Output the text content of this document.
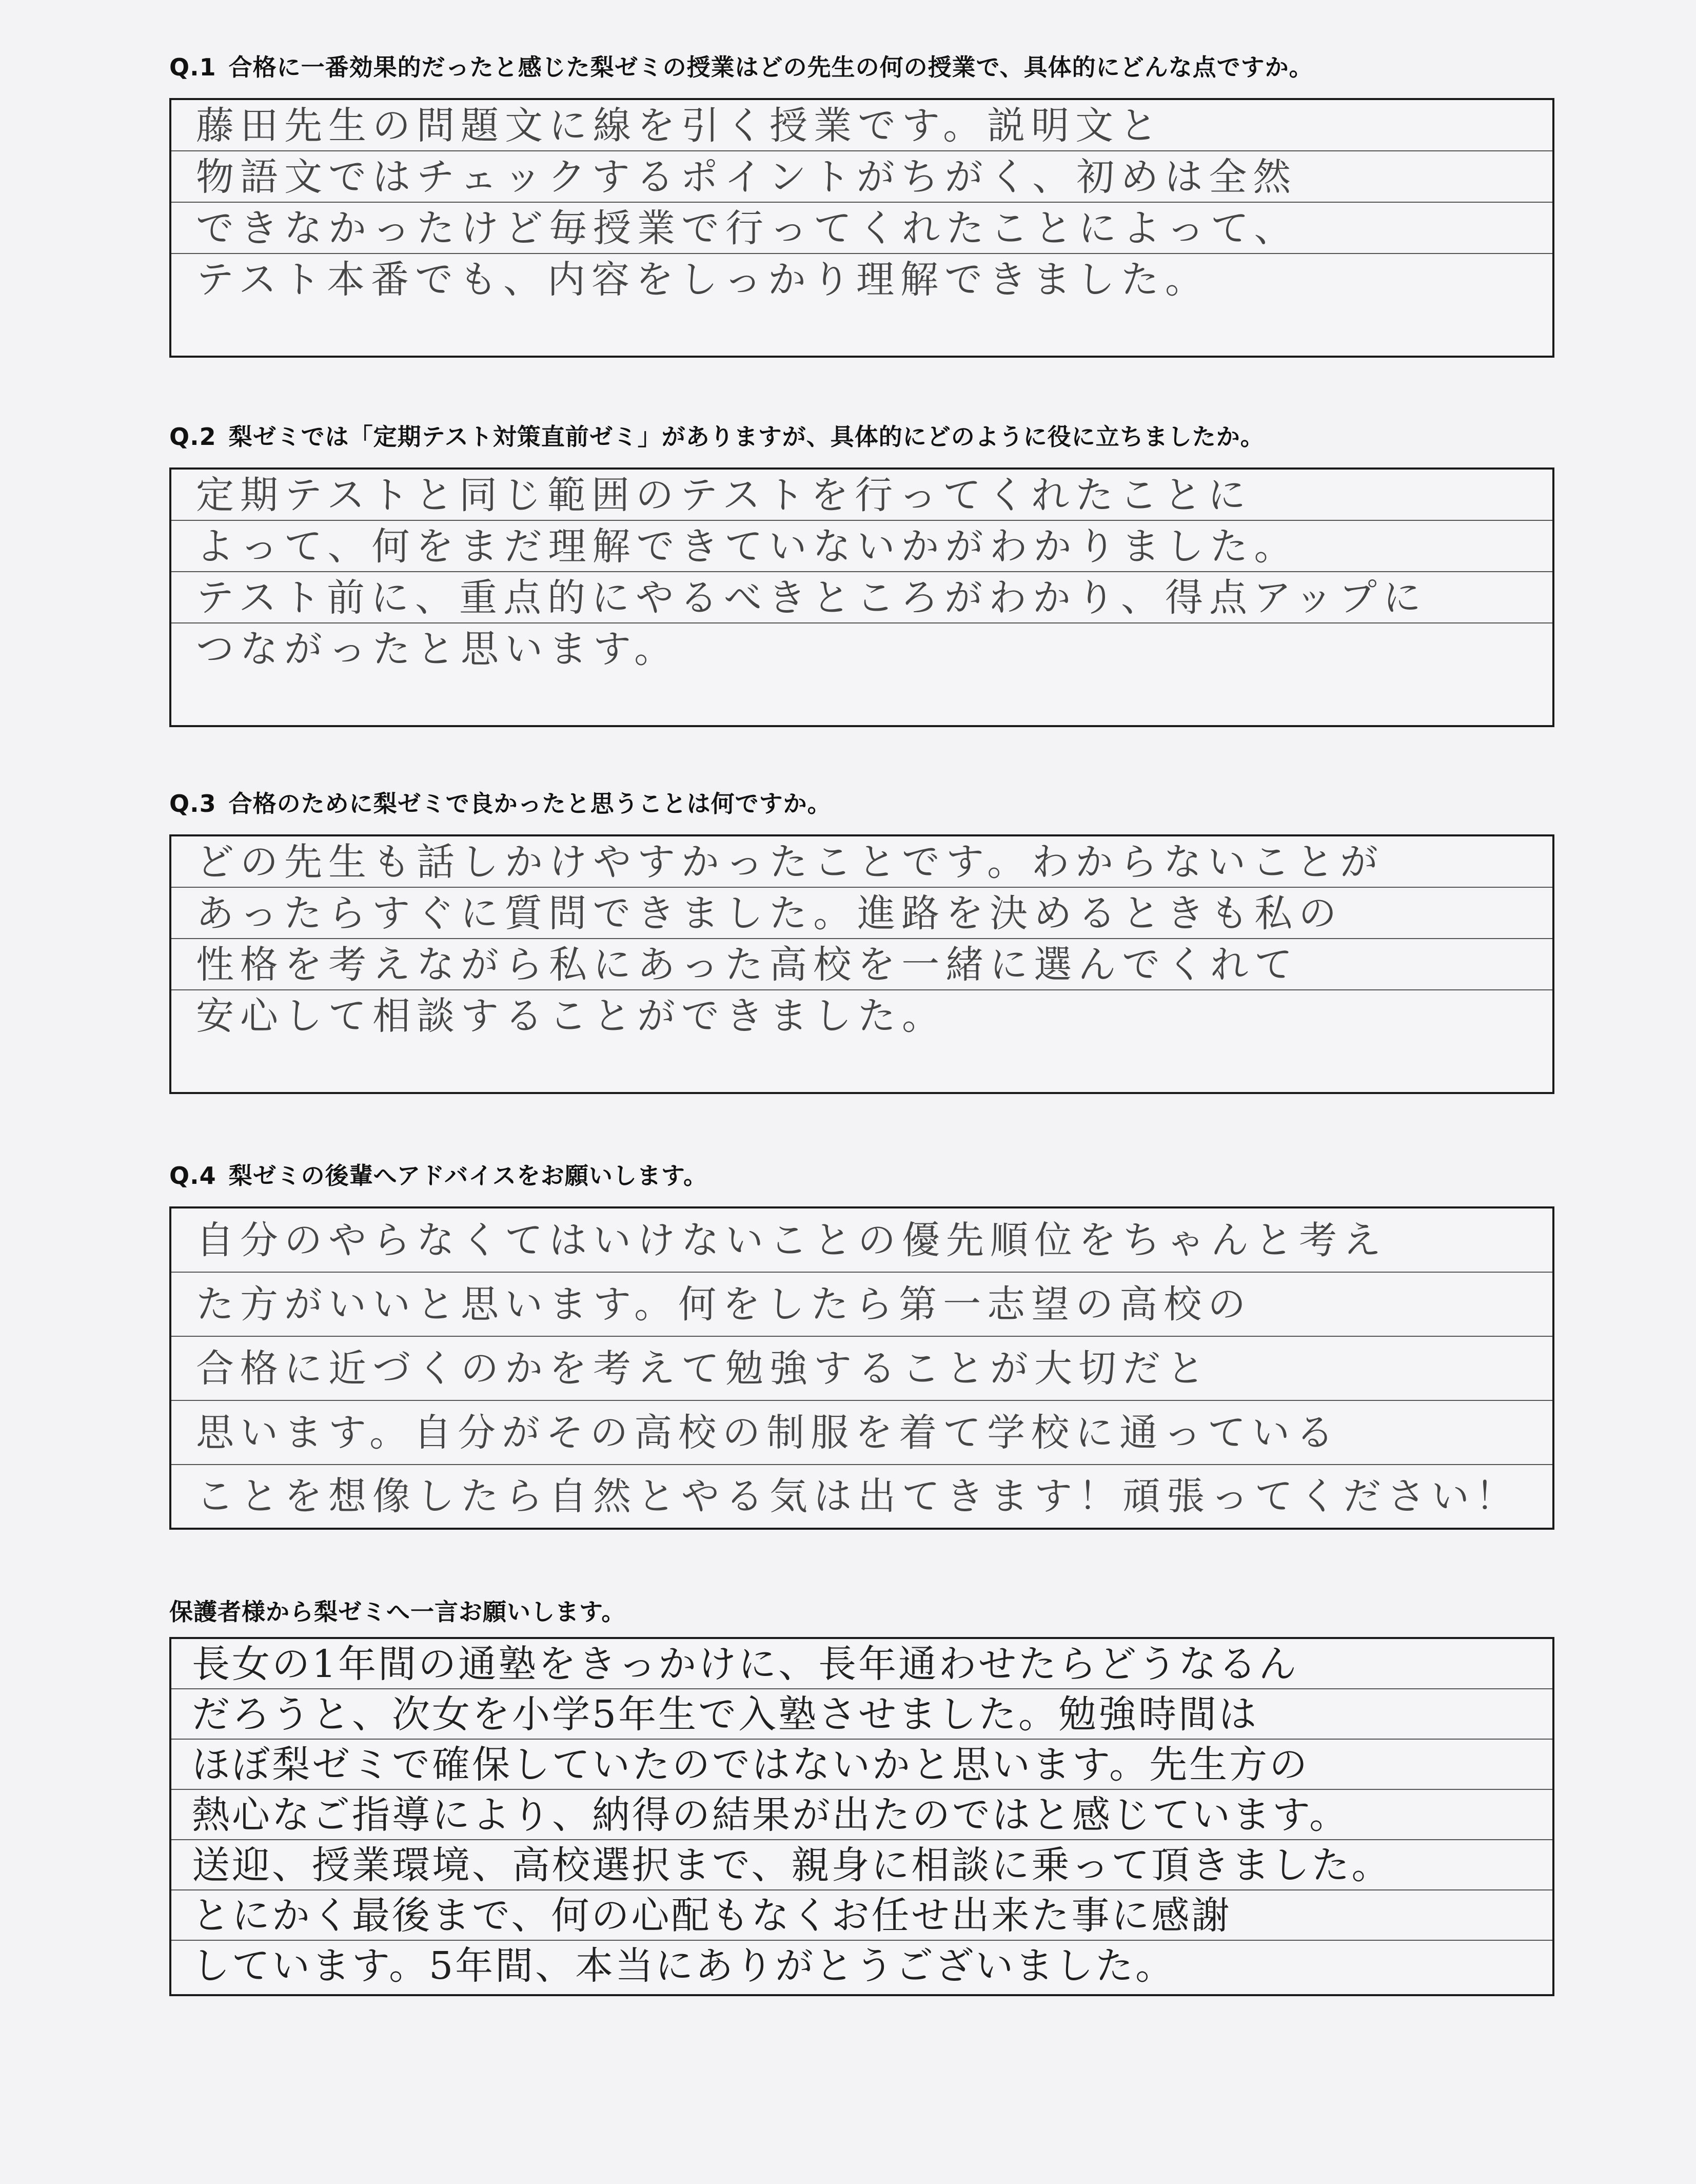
Q.1 合格に一番効果的だったと感じた梨ゼミの授業はどの先生の何の授業で、具体的にどんな点ですか。
藤田先生の問題文に線を引く授業です。説明文と
物語文ではチェックするポイントがちがく、初めは全然
できなかったけど毎授業で行ってくれたことによって、
テスト本番でも、内容をしっかり理解できました。
Q.2 梨ゼミでは「定期テスト対策直前ゼミ」がありますが、具体的にどのように役に立ちましたか。
定期テストと同じ範囲のテストを行ってくれたことに
よって、何をまだ理解できていないかがわかりました。
テスト前に、重点的にやるべきところがわかり、得点アップに
つながったと思います。
Q.3 合格のために梨ゼミで良かったと思うことは何ですか。
どの先生も話しかけやすかったことです。わからないことが
あったらすぐに質問できました。進路を決めるときも私の
性格を考えながら私にあった高校を一緒に選んでくれて
安心して相談することができました。
Q.4 梨ゼミの後輩へアドバイスをお願いします。
自分のやらなくてはいけないことの優先順位をちゃんと考え
た方がいいと思います。何をしたら第一志望の高校の
合格に近づくのかを考えて勉強することが大切だと
思います。自分がその高校の制服を着て学校に通っている
ことを想像したら自然とやる気は出てきます！頑張ってください！
保護者様から梨ゼミへ一言お願いします。
長女の1年間の通塾をきっかけに、長年通わせたらどうなるん
だろうと、次女を小学5年生で入塾させました。勉強時間は
ほぼ梨ゼミで確保していたのではないかと思います。先生方の
熱心なご指導により、納得の結果が出たのではと感じています。
送迎、授業環境、高校選択まで、親身に相談に乗って頂きました。
とにかく最後まで、何の心配もなくお任せ出来た事に感謝
しています。5年間、本当にありがとうございました。
